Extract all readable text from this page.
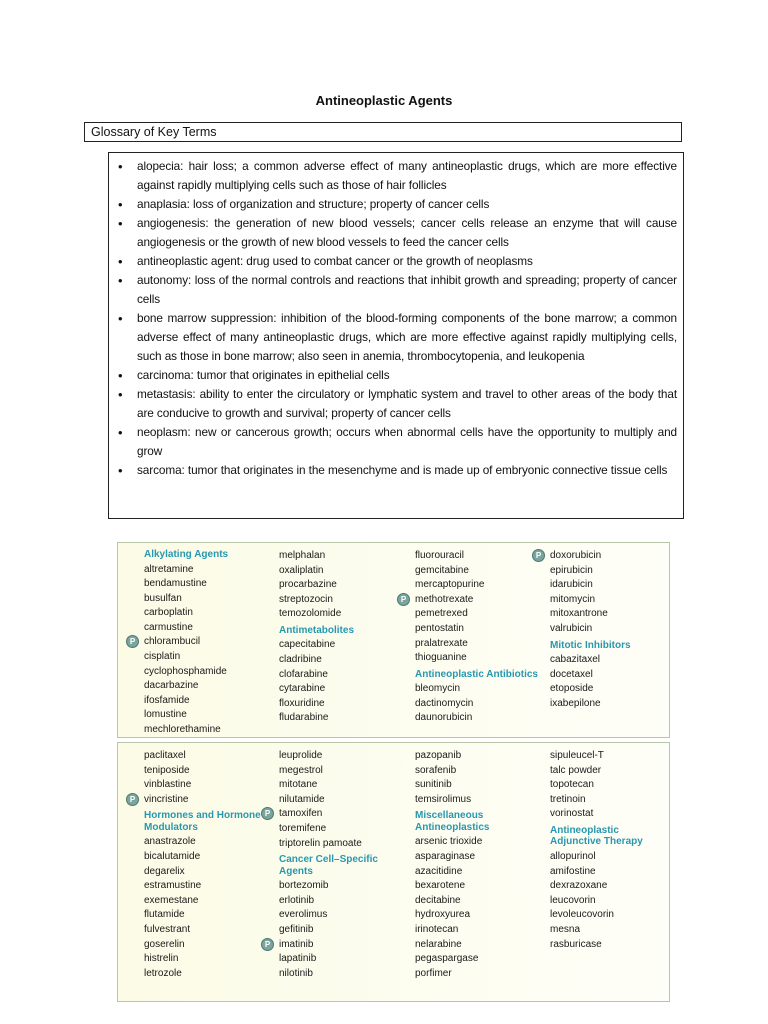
Antineoplastic Agents
Glossary of Key Terms
• alopecia: hair loss; a common adverse effect of many antineoplastic drugs, which are more effective against rapidly multiplying cells such as those of hair follicles
• anaplasia: loss of organization and structure; property of cancer cells
• angiogenesis: the generation of new blood vessels; cancer cells release an enzyme that will cause angiogenesis or the growth of new blood vessels to feed the cancer cells
• antineoplastic agent: drug used to combat cancer or the growth of neoplasms
• autonomy: loss of the normal controls and reactions that inhibit growth and spreading; property of cancer cells
• bone marrow suppression: inhibition of the blood-forming components of the bone marrow; a common adverse effect of many antineoplastic drugs, which are more effective against rapidly multiplying cells, such as those in bone marrow; also seen in anemia, thrombocytopenia, and leukopenia
• carcinoma: tumor that originates in epithelial cells
• metastasis: ability to enter the circulatory or lymphatic system and travel to other areas of the body that are conducive to growth and survival; property of cancer cells
• neoplasm: new or cancerous growth; occurs when abnormal cells have the opportunity to multiply and grow
• sarcoma: tumor that originates in the mesenchyme and is made up of embryonic connective tissue cells
Alkylating Agents
altretamine
bendamustine
busulfan
carboplatin
carmustine
chlorambucil
P
cisplatin
cyclophosphamide
dacarbazine
ifosfamide
lomustine
mechlorethamine
melphalan
oxaliplatin
procarbazine
streptozocin
temozolomide
Antimetabolites
capecitabine
cladribine
clofarabine
cytarabine
floxuridine
fludarabine
fluorouracil
gemcitabine
mercaptopurine
methotrexate
P
pemetrexed
pentostatin
pralatrexate
thioguanine
Antineoplastic Antibiotics
bleomycin
dactinomycin
daunorubicin
doxorubicin
P
epirubicin
idarubicin
mitomycin
mitoxantrone
valrubicin
Mitotic Inhibitors
cabazitaxel
docetaxel
etoposide
ixabepilone
paclitaxel
teniposide
vinblastine
vincristine
P
Hormones and Hormone Modulators
anastrazole
bicalutamide
degarelix
estramustine
exemestane
flutamide
fulvestrant
goserelin
histrelin
letrozole
leuprolide
megestrol
mitotane
nilutamide
tamoxifen
P
toremifene
triptorelin pamoate
Cancer Cell–Specific Agents
bortezomib
erlotinib
everolimus
gefitinib
imatinib
P
lapatinib
nilotinib
pazopanib
sorafenib
sunitinib
temsirolimus
Miscellaneous Antineoplastics
arsenic trioxide
asparaginase
azacitidine
bexarotene
decitabine
hydroxyurea
irinotecan
nelarabine
pegaspargase
porfimer
sipuleucel-T
talc powder
topotecan
tretinoin
vorinostat
Antineoplastic Adjunctive Therapy
allopurinol
amifostine
dexrazoxane
leucovorin
levoleucovorin
mesna
rasburicase
